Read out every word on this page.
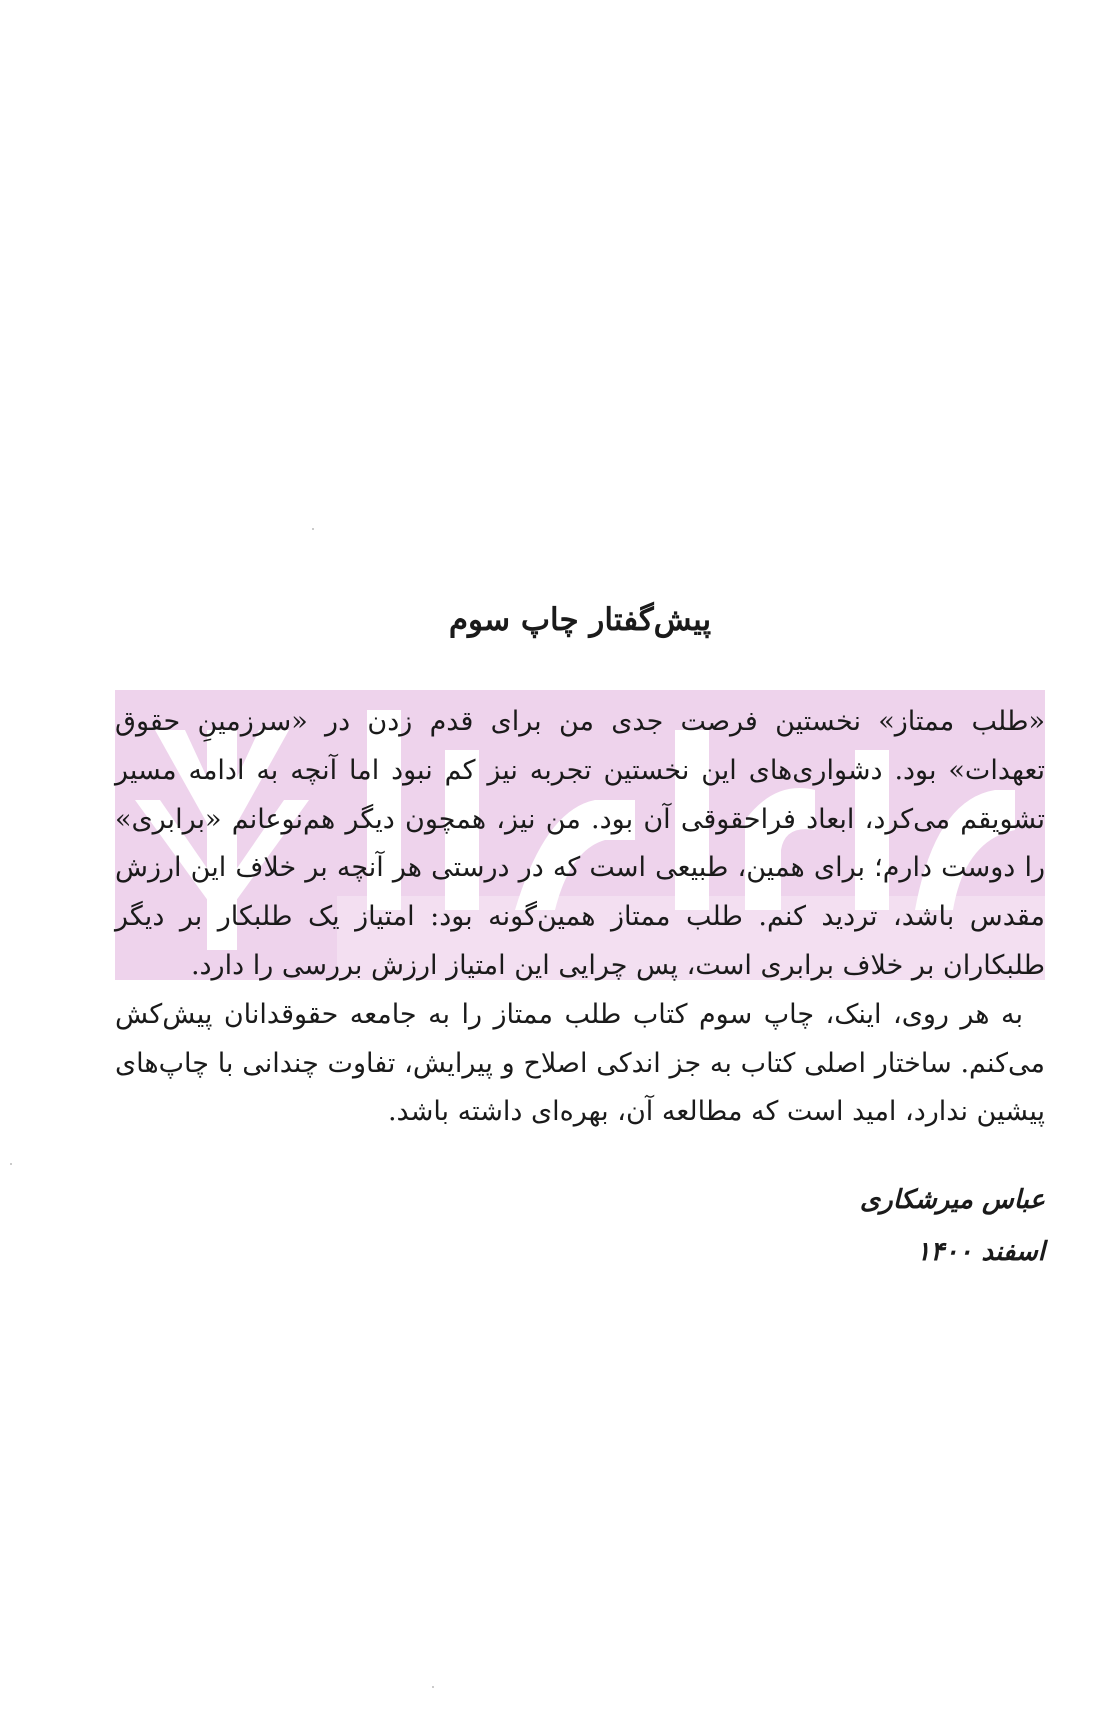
پیش‌گفتار چاپ سوم

«طلب ممتاز» نخستین فرصت جدی من برای قدم زدن در «سرزمینِ حقوق تعهدات» بود. دشواری‌های این نخستین تجربه نیز کم نبود اما آنچه به ادامه مسیر تشویقم می‌کرد، ابعاد فراحقوقی آن بود. من نیز، همچون دیگر هم‌نوعانم «برابری» را دوست دارم؛ برای همین، طبیعی است که در درستی هر آنچه بر خلاف این ارزش مقدس باشد، تردید کنم. طلب ممتاز همین‌گونه بود: امتیاز یک طلبکار بر دیگر طلبکاران بر خلاف برابری است، پس چرایی این امتیاز ارزش بررسی را دارد.

به هر روی، اینک، چاپ سوم کتاب طلب ممتاز را به جامعه حقوقدانان پیش‌کش می‌کنم. ساختار اصلی کتاب به جز اندکی اصلاح و پیرایش، تفاوت چندانی با چاپ‌های پیشین ندارد، امید است که مطالعه آن، بهره‌ای داشته باشد.

عباس میرشکاری
اسفند ۱۴۰۰
